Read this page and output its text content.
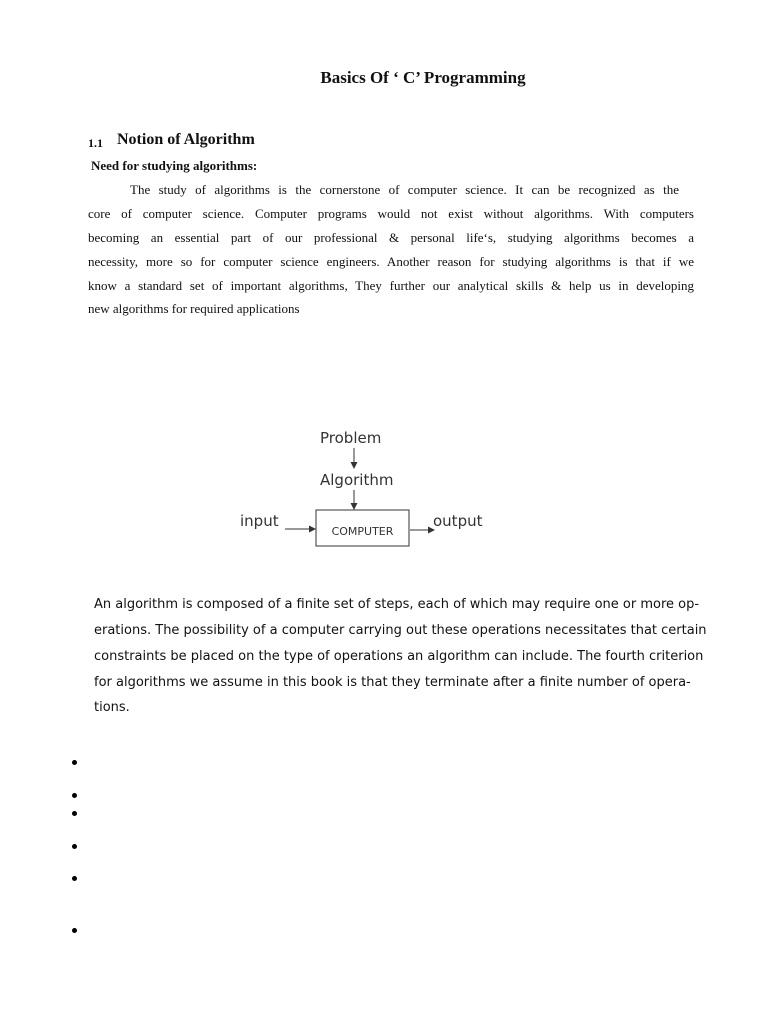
Basics Of ‘ C’ Programming
1.1 Notion of Algorithm
Need for studying algorithms:
The study of algorithms is the cornerstone of computer science. It can be recognized as the
core of computer science. Computer programs would not exist without algorithms. With computers
becoming an essential part of our professional & personal life‘s, studying algorithms becomes a
necessity, more so for computer science engineers. Another reason for studying algorithms is that if we
know a standard set of important algorithms, They further our analytical skills & help us in developing
new algorithms for required applications
Problem
Algorithm
COMPUTER
input	output
An algorithm is composed of a finite set of steps, each of which may require one or more op-
erations. The possibility of a computer carrying out these operations necessitates that certain
constraints be placed on the type of operations an algorithm can include. The fourth criterion
for algorithms we assume in this book is that they terminate after a finite number of opera-
tions.
